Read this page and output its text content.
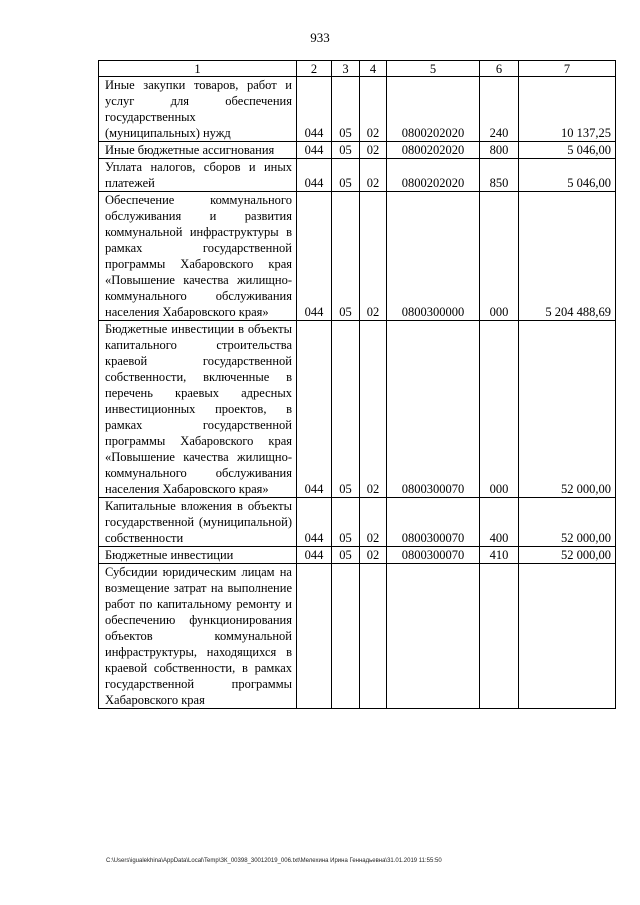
933
1	2	3	4	5	6	7
Иные закупки товаров, работ и услуг для обеспечения государственных (муниципальных) нужд	044	05	02	0800202020	240	10 137,25
Иные бюджетные ассигнования	044	05	02	0800202020	800	5 046,00
Уплата налогов, сборов и иных платежей	044	05	02	0800202020	850	5 046,00
Обеспечение коммунального обслуживания и развития коммунальной инфраструктуры в рамках государственной программы Хабаровского края «Повышение качества жилищно-коммунального обслуживания населения Хабаровского края»	044	05	02	0800300000	000	5 204 488,69
Бюджетные инвестиции в объекты капитального строительства краевой государственной собственности, включенные в перечень краевых адресных инвестиционных проектов, в рамках государственной программы Хабаровского края «Повышение качества жилищно-коммунального обслуживания населения Хабаровского края»	044	05	02	0800300070	000	52 000,00
Капитальные вложения в объекты государственной (муниципальной) собственности	044	05	02	0800300070	400	52 000,00
Бюджетные инвестиции	044	05	02	0800300070	410	52 000,00
Субсидии юридическим лицам на возмещение затрат на выполнение работ по капитальному ремонту и обеспечению функционирования объектов коммунальной инфраструктуры, находящихся в краевой собственности, в рамках государственной программы Хабаровского края						
C:\Users\igualekhina\AppData\Local\Temp\ЗК_00398_30012019_006.txt\Мелехина Ирина Геннадьевна\31.01.2019 11:55:50
